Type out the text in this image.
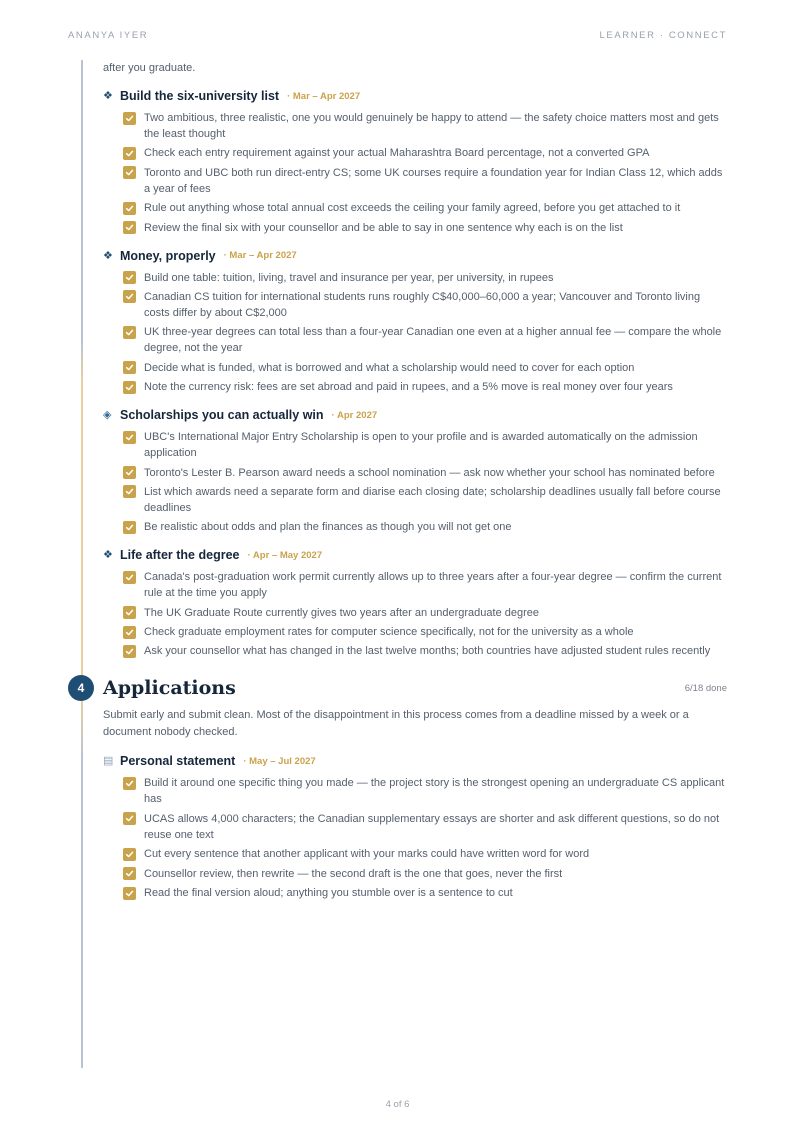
ANANYA IYER	LEARNER · CONNECT
after you graduate.
❖ Build the six-university list · Mar – Apr 2027
Two ambitious, three realistic, one you would genuinely be happy to attend — the safety choice matters most and gets the least thought
Check each entry requirement against your actual Maharashtra Board percentage, not a converted GPA
Toronto and UBC both run direct-entry CS; some UK courses require a foundation year for Indian Class 12, which adds a year of fees
Rule out anything whose total annual cost exceeds the ceiling your family agreed, before you get attached to it
Review the final six with your counsellor and be able to say in one sentence why each is on the list
❖ Money, properly · Mar – Apr 2027
Build one table: tuition, living, travel and insurance per year, per university, in rupees
Canadian CS tuition for international students runs roughly C$40,000–60,000 a year; Vancouver and Toronto living costs differ by about C$2,000
UK three-year degrees can total less than a four-year Canadian one even at a higher annual fee — compare the whole degree, not the year
Decide what is funded, what is borrowed and what a scholarship would need to cover for each option
Note the currency risk: fees are set abroad and paid in rupees, and a 5% move is real money over four years
◈ Scholarships you can actually win · Apr 2027
UBC's International Major Entry Scholarship is open to your profile and is awarded automatically on the admission application
Toronto's Lester B. Pearson award needs a school nomination — ask now whether your school has nominated before
List which awards need a separate form and diarise each closing date; scholarship deadlines usually fall before course deadlines
Be realistic about odds and plan the finances as though you will not get one
❖ Life after the degree · Apr – May 2027
Canada's post-graduation work permit currently allows up to three years after a four-year degree — confirm the current rule at the time you apply
The UK Graduate Route currently gives two years after an undergraduate degree
Check graduate employment rates for computer science specifically, not for the university as a whole
Ask your counsellor what has changed in the last twelve months; both countries have adjusted student rules recently
4 Applications	6/18 done
Submit early and submit clean. Most of the disappointment in this process comes from a deadline missed by a week or a document nobody checked.
▤ Personal statement · May – Jul 2027
Build it around one specific thing you made — the project story is the strongest opening an undergraduate CS applicant has
UCAS allows 4,000 characters; the Canadian supplementary essays are shorter and ask different questions, so do not reuse one text
Cut every sentence that another applicant with your marks could have written word for word
Counsellor review, then rewrite — the second draft is the one that goes, never the first
Read the final version aloud; anything you stumble over is a sentence to cut
4 of 6
